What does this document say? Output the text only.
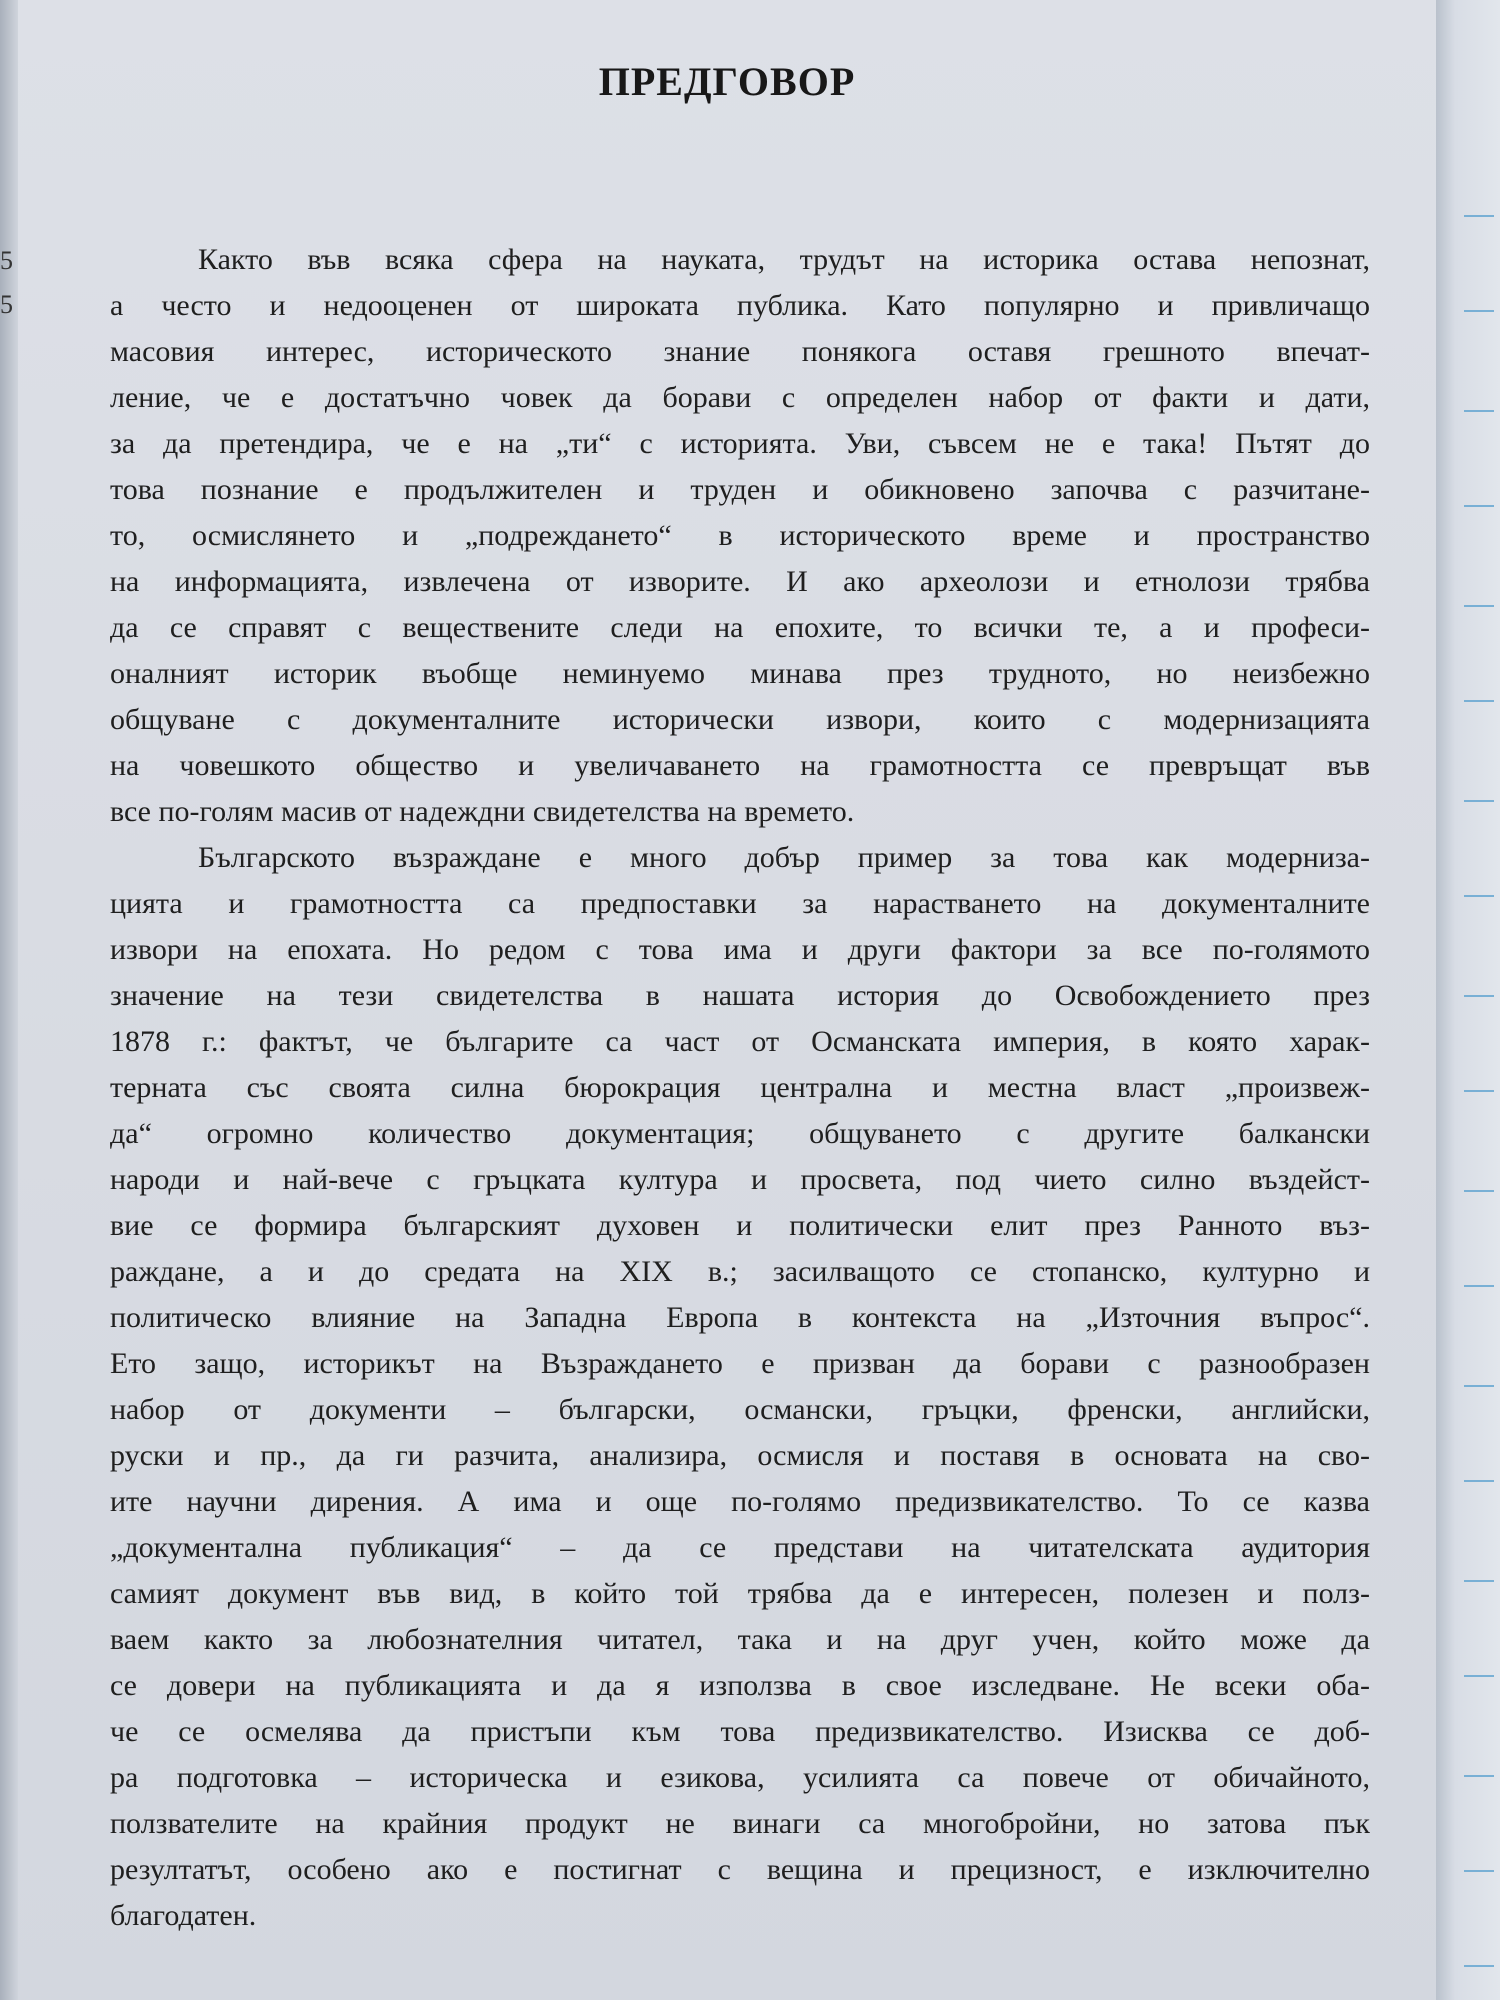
5
5
ПРЕДГОВОР
Както във всяка сфера на науката, трудът на историка остава непознат,
а често и недооценен от широката публика. Като популярно и привличащо
масовия интерес, историческото знание понякога оставя грешното впечат-
ление, че е достатъчно човек да борави с определен набор от факти и дати,
за да претендира, че е на „ти“ с историята. Уви, съвсем не е така! Пътят до
това познание е продължителен и труден и обикновено започва с разчитане-
то, осмислянето и „подреждането“ в историческото време и пространство
на информацията, извлечена от изворите. И ако археолози и етнолози трябва
да се справят с веществените следи на епохите, то всички те, а и професи-
оналният историк въобще неминуемо минава през трудното, но неизбежно
общуване с документалните исторически извори, които с модернизацията
на човешкото общество и увеличаването на грамотността се превръщат във
все по-голям масив от надеждни свидетелства на времето.
Българското възраждане е много добър пример за това как модерниза-
цията и грамотността са предпоставки за нарастването на документалните
извори на епохата. Но редом с това има и други фактори за все по-голямото
значение на тези свидетелства в нашата история до Освобождението през
1878 г.: фактът, че българите са част от Османската империя, в която харак-
терната със своята силна бюрокрация централна и местна власт „произвеж-
да“ огромно количество документация; общуването с другите балкански
народи и най-вече с гръцката култура и просвета, под чието силно въздейст-
вие се формира българският духовен и политически елит през Ранното въз-
раждане, а и до средата на XIX в.; засилващото се стопанско, културно и
политическо влияние на Западна Европа в контекста на „Източния въпрос“.
Ето защо, историкът на Възраждането е призван да борави с разнообразен
набор от документи – български, османски, гръцки, френски, английски,
руски и пр., да ги разчита, анализира, осмисля и поставя в основата на сво-
ите научни дирения. А има и още по-голямо предизвикателство. То се казва
„документална публикация“ – да се представи на читателската аудитория
самият документ във вид, в който той трябва да е интересен, полезен и полз-
ваем както за любознателния читател, така и на друг учен, който може да
се довери на публикацията и да я използва в свое изследване. Не всеки оба-
че се осмелява да пристъпи към това предизвикателство. Изисква се доб-
ра подготовка – историческа и езикова, усилията са повече от обичайното,
ползвателите на крайния продукт не винаги са многобройни, но затова пък
резултатът, особено ако е постигнат с вещина и прецизност, е изключително
благодатен.
